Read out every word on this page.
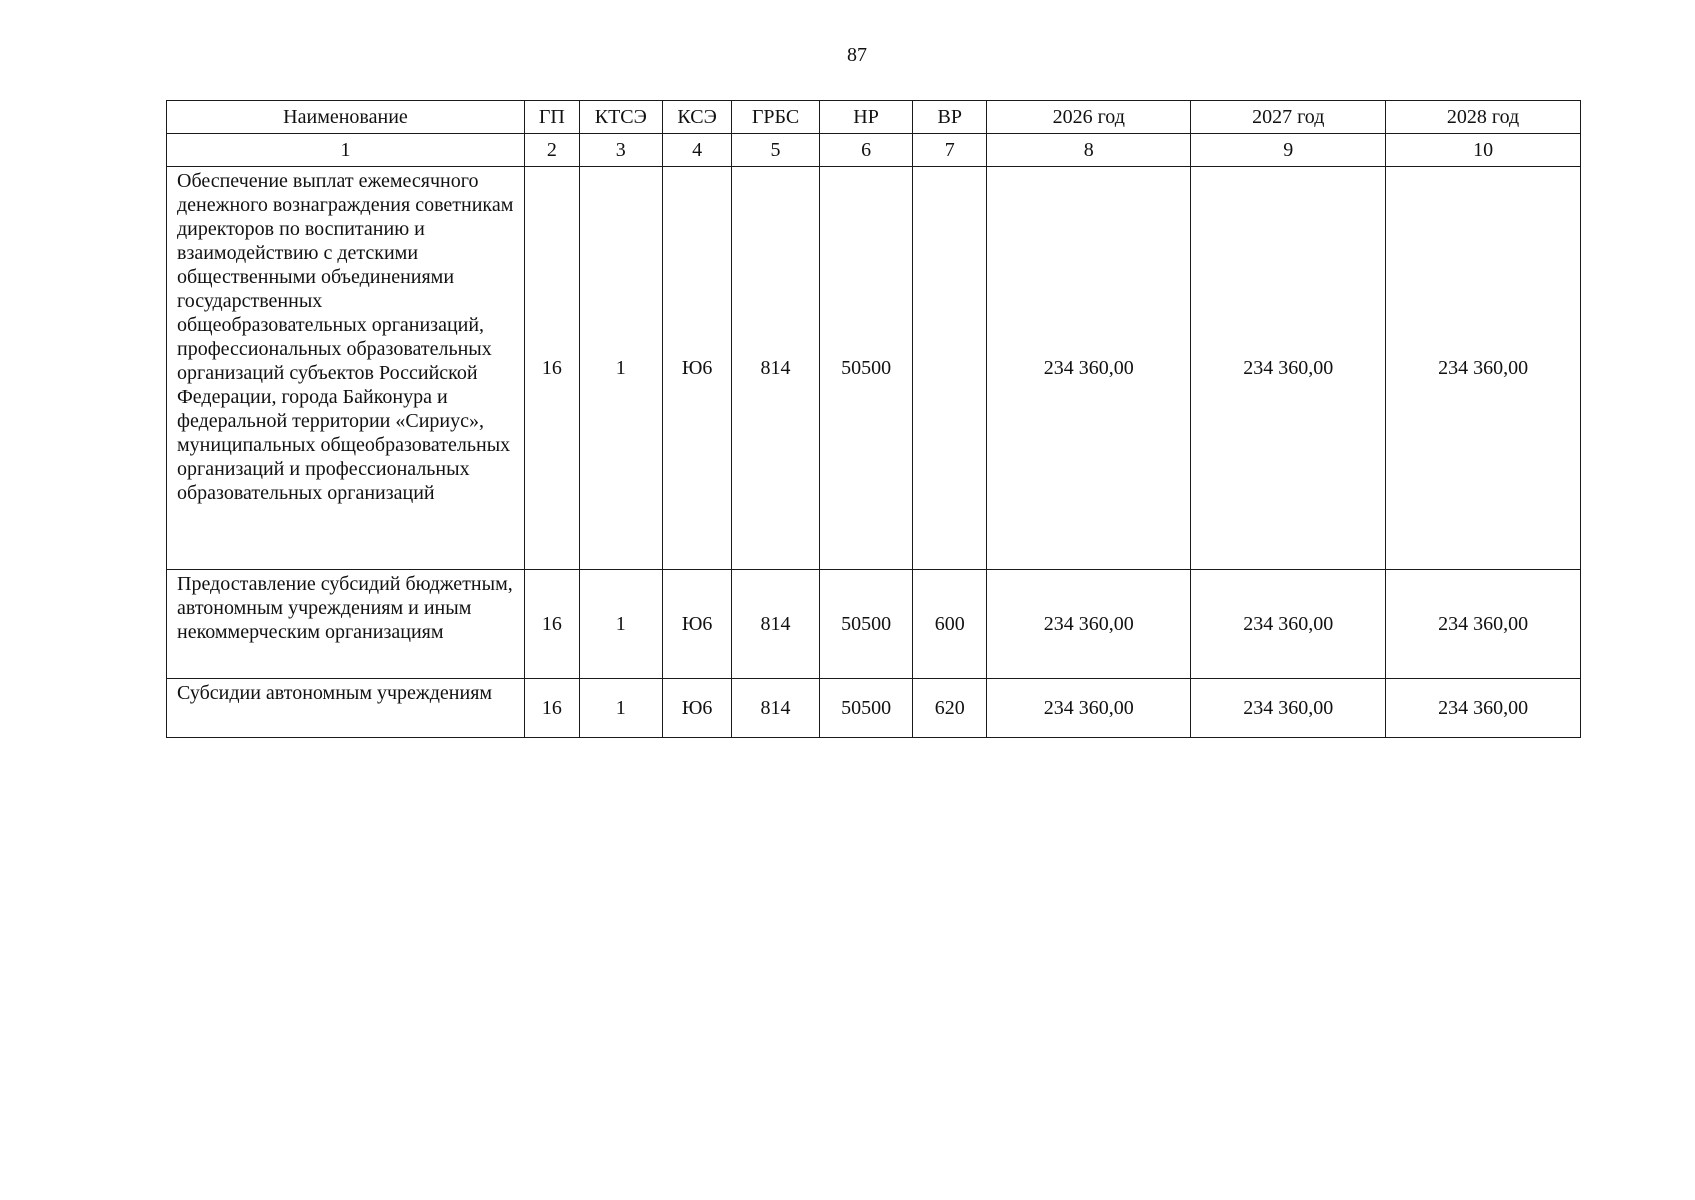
87
Наименование	ГП	КТСЭ	КСЭ	ГРБС	НР	ВР	2026 год	2027 год	2028 год
1	2	3	4	5	6	7	8	9	10
Обеспечение выплат ежемесячного денежного вознаграждения советникам директоров по воспитанию и взаимодействию с детскими общественными объединениями государственных общеобразовательных организаций, профессиональных образовательных организаций субъектов Российской Федерации, города Байконура и федеральной территории «Сириус», муниципальных общеобразовательных организаций и профессиональных образовательных организаций	16	1	Ю6	814	50500		234 360,00	234 360,00	234 360,00
Предоставление субсидий бюджетным, автономным учреждениям и иным некоммерческим организациям	16	1	Ю6	814	50500	600	234 360,00	234 360,00	234 360,00
Субсидии автономным учреждениям	16	1	Ю6	814	50500	620	234 360,00	234 360,00	234 360,00
